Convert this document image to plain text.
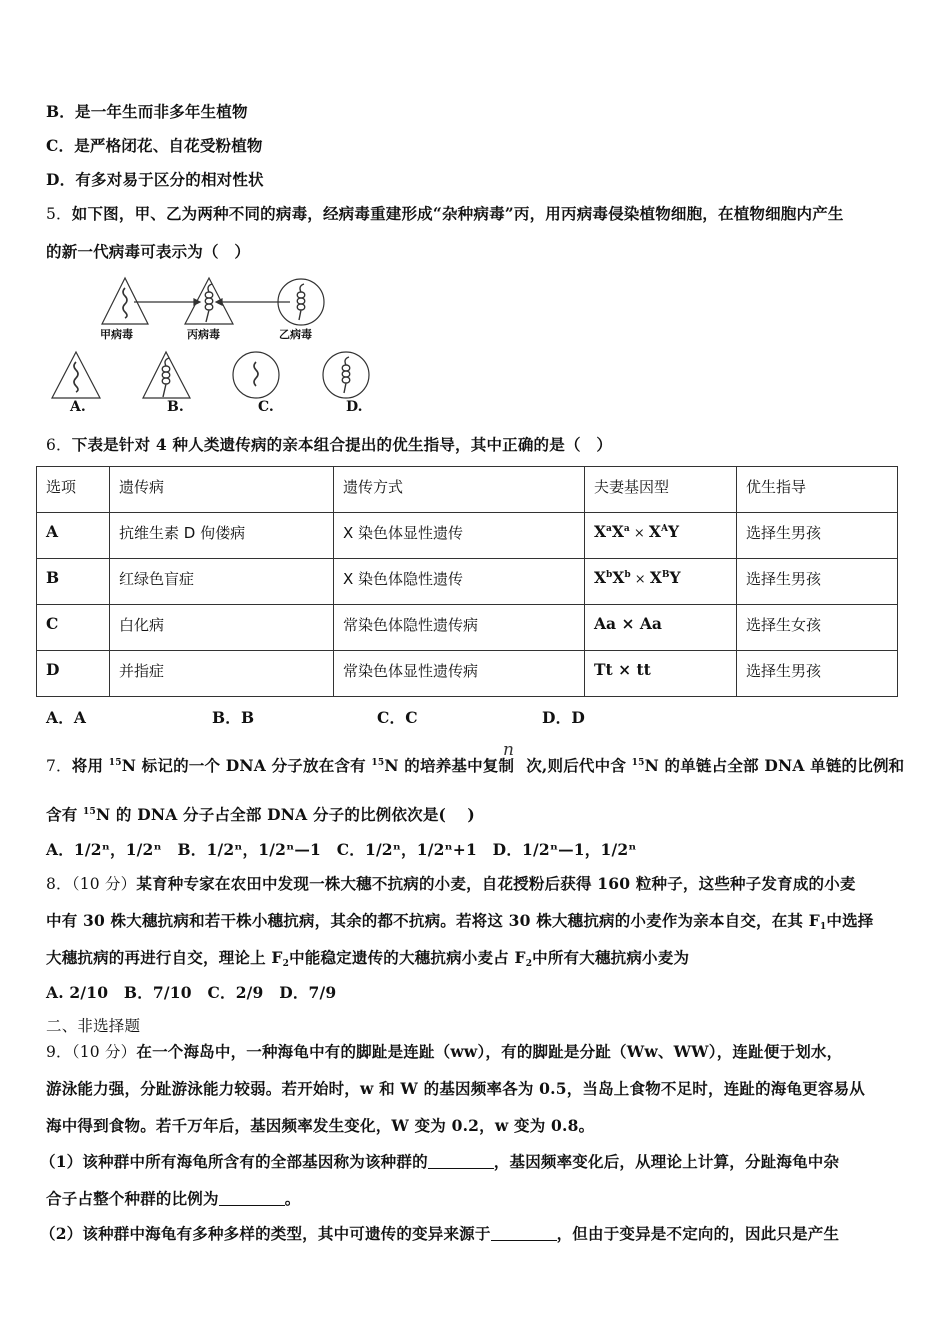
B．是一年生而非多年生植物
C．是严格闭花、自花受粉植物
D．有多对易于区分的相对性状
5．如下图，甲、乙为两种不同的病毒，经病毒重建形成“杂种病毒”丙，用丙病毒侵染植物细胞，在植物细胞内产生
的新一代病毒可表示为（　）
甲病毒	丙病毒	乙病毒
A.	B.	C.	D.
6．下表是针对 4 种人类遗传病的亲本组合提出的优生指导，其中正确的是（　）
选项	遗传病	遗传方式	夫妻基因型	优生指导
A	抗维生素 D 佝偻病	X 染色体显性遗传	$X^aX^a \times X^AY$	选择生男孩
B	红绿色盲症	X 染色体隐性遗传	$X^bX^b \times X^BY$	选择生男孩
C	白化病	常染色体隐性遗传病	Aa × Aa	选择生女孩
D	并指症	常染色体显性遗传病	Tt × tt	选择生男孩
A．A	B．B	C．C	D．D
7．将用 $^{15}$N 标记的一个 DNA 分子放在含有 $^{15}$N 的培养基中复制 次,则后代中含 $^{15}$N 的单链占全部 DNA 单链的比例和
n
含有 $^{15}$N 的 DNA 分子占全部 DNA 分子的比例依次是(　 )
A．1/2ⁿ，1/2ⁿ　B．1/2ⁿ，1/2ⁿ—1　C．1/2ⁿ，1/2ⁿ+1　D．1/2ⁿ—1，1/2ⁿ
8．（10 分）某育种专家在农田中发现一株大穗不抗病的小麦，自花授粉后获得 160 粒种子，这些种子发育成的小麦
中有 30 株大穗抗病和若干株小穗抗病，其余的都不抗病。若将这 30 株大穗抗病的小麦作为亲本自交，在其 $F_1$中选择
大穗抗病的再进行自交，理论上 $F_2$中能稳定遗传的大穗抗病小麦占 $F_2$中所有大穗抗病小麦为
A. 2/10　B．7/10　C．2/9　D．7/9
二、非选择题
9．（10 分）在一个海岛中，一种海龟中有的脚趾是连趾（ww），有的脚趾是分趾（Ww、WW），连趾便于划水，
游泳能力强，分趾游泳能力较弱。若开始时，w 和 W 的基因频率各为 0.5，当岛上食物不足时，连趾的海龟更容易从
海中得到食物。若千万年后，基因频率发生变化，W 变为 0.2，w 变为 0.8。
（1）该种群中所有海龟所含有的全部基因称为该种群的	，基因频率变化后，从理论上计算，分趾海龟中杂
合子占整个种群的比例为	。
（2）该种群中海龟有多种多样的类型，其中可遗传的变异来源于	，但由于变异是不定向的，因此只是产生
